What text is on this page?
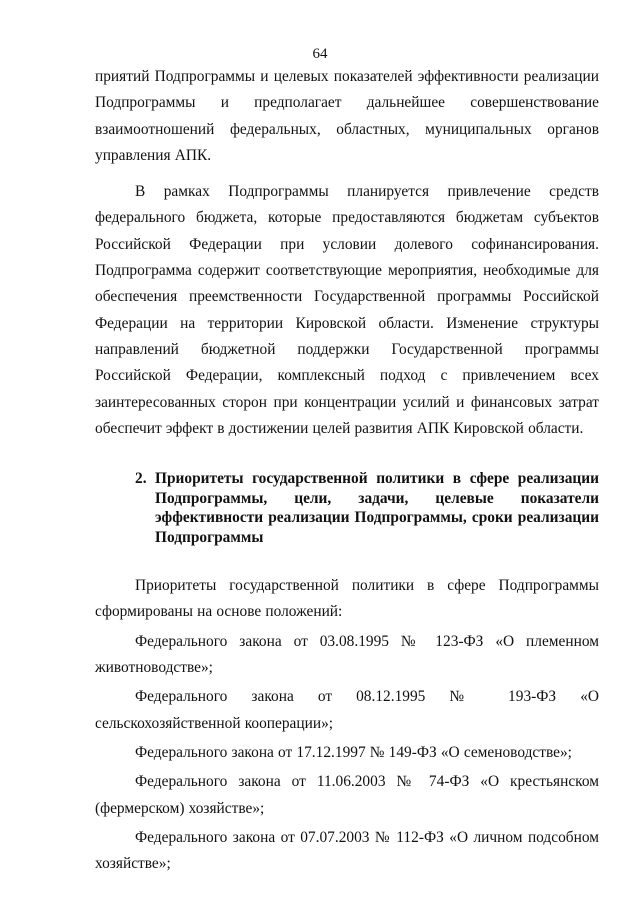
64

приятий Подпрограммы и целевых показателей эффективности реализации Подпрограммы и предполагает дальнейшее совершенствование взаимоотношений федеральных, областных, муниципальных органов управления АПК.

В рамках Подпрограммы планируется привлечение средств федерального бюджета, которые предоставляются бюджетам субъектов Российской Федерации при условии долевого софинансирования. Подпрограмма содержит соответствующие мероприятия, необходимые для обеспечения преемственности Государственной программы Российской Федерации на территории Кировской области. Изменение структуры направлений бюджетной поддержки Государственной программы Российской Федерации, комплексный подход с привлечением всех заинтересованных сторон при концентрации усилий и финансовых затрат обеспечит эффект в достижении целей развития АПК Кировской области.

2. Приоритеты государственной политики в сфере реализации Подпрограммы, цели, задачи, целевые показатели эффективности реализации Подпрограммы, сроки реализации Подпрограммы

Приоритеты государственной политики в сфере Подпрограммы сформированы на основе положений:

Федерального закона от 03.08.1995 № 123-ФЗ «О племенном животноводстве»;

Федерального закона от 08.12.1995 № 193-ФЗ «О сельскохозяйственной кооперации»;

Федерального закона от 17.12.1997 № 149-ФЗ «О семеноводстве»;

Федерального закона от 11.06.2003 № 74-ФЗ «О крестьянском (фермерском) хозяйстве»;

Федерального закона от 07.07.2003 № 112-ФЗ «О личном подсобном хозяйстве»;
